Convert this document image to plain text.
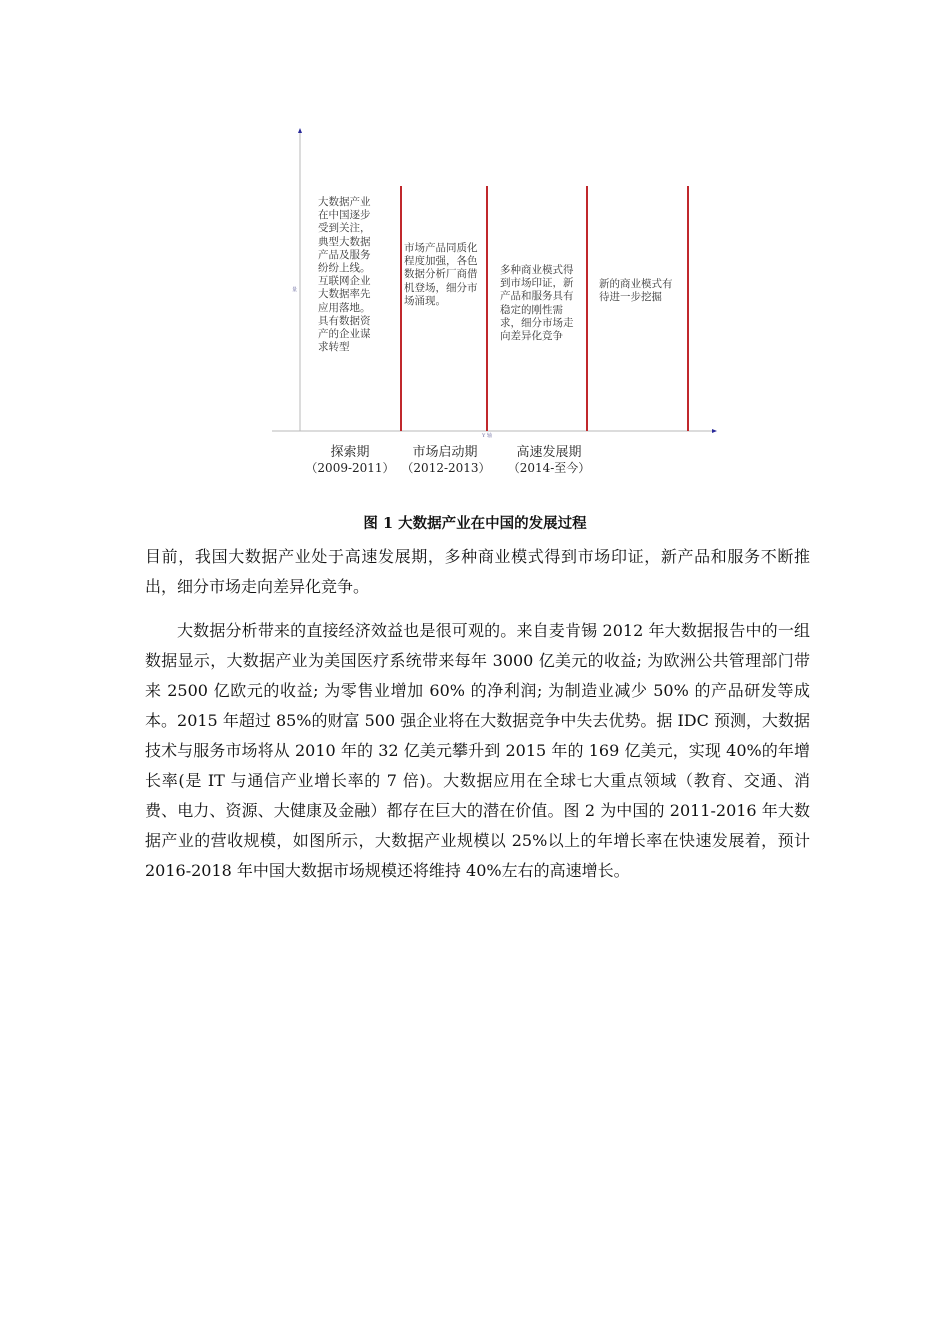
量
Y 轴
大数据产业在中国逐步受到关注，典型大数据产品及服务纷纷上线。互联网企业大数据率先应用落地。具有数据资产的企业谋求转型
市场产品同质化程度加强，各色数据分析厂商借机登场，细分市场涌现。
多种商业模式得到市场印证，新产品和服务具有稳定的刚性需求，细分市场走向差异化竞争
新的商业模式有待进一步挖掘
探索期
（2009-2011）
市场启动期
（2012-2013）
高速发展期
（2014-至今）
图 1 大数据产业在中国的发展过程

目前，我国大数据产业处于高速发展期，多种商业模式得到市场印证，新产品和服务不断推出，细分市场走向差异化竞争。

大数据分析带来的直接经济效益也是很可观的。来自麦肯锡 2012 年大数据报告中的一组数据显示，大数据产业为美国医疗系统带来每年 3000 亿美元的收益; 为欧洲公共管理部门带来 2500 亿欧元的收益; 为零售业增加 60% 的净利润; 为制造业减少 50% 的产品研发等成本。2015 年超过 85%的财富 500 强企业将在大数据竞争中失去优势。据 IDC 预测，大数据技术与服务市场将从 2010 年的 32 亿美元攀升到 2015 年的 169 亿美元，实现 40%的年增长率(是 IT 与通信产业增长率的 7 倍)。大数据应用在全球七大重点领域（教育、交通、消费、电力、资源、大健康及金融）都存在巨大的潜在价值。图 2 为中国的 2011-2016 年大数据产业的营收规模，如图所示，大数据产业规模以 25%以上的年增长率在快速发展着，预计 2016-2018 年中国大数据市场规模还将维持 40%左右的高速增长。
